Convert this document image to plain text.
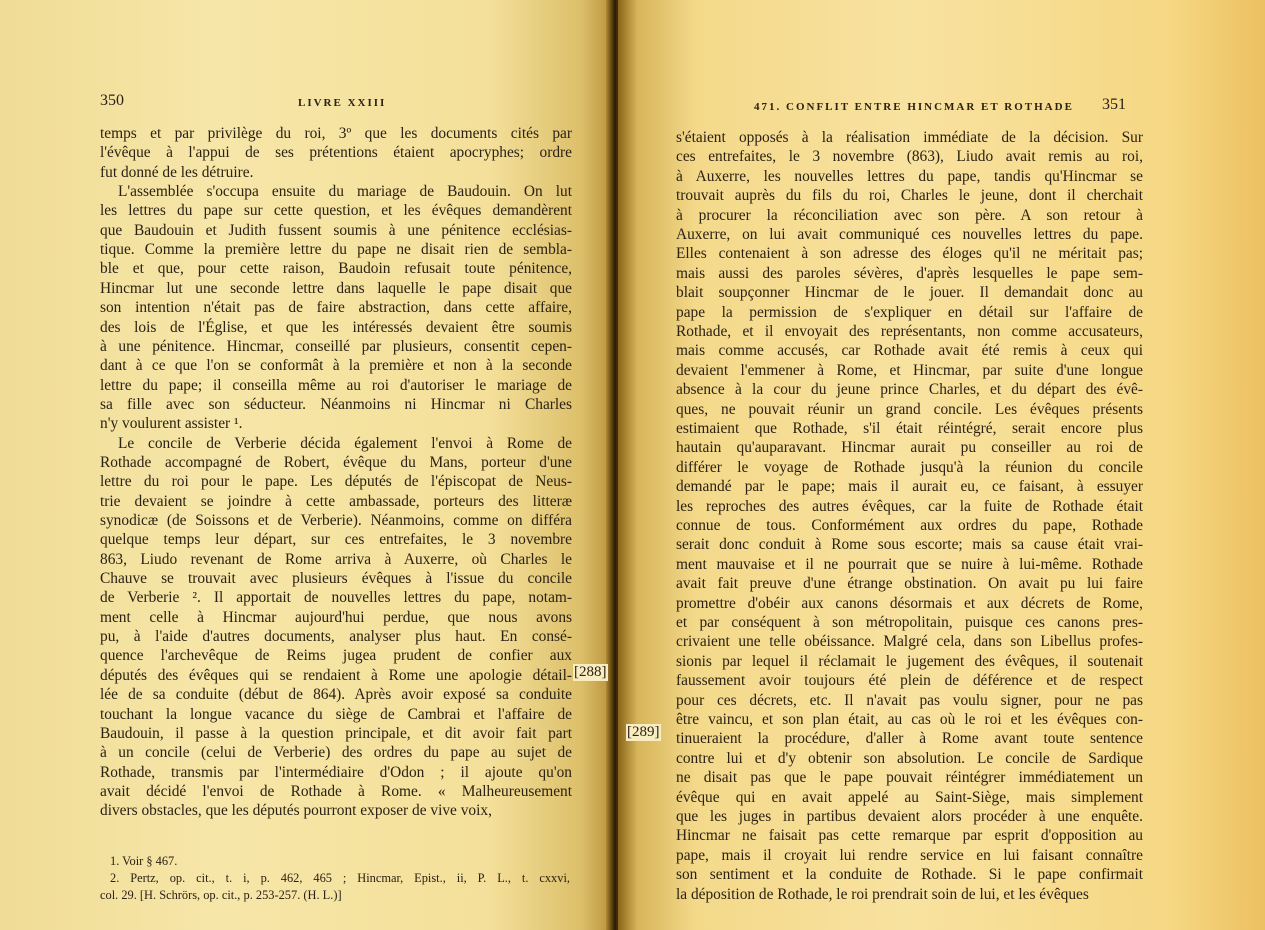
350	LIVRE XXIII
temps et par privilège du roi, 3º que les documents cités par
l'évêque à l'appui de ses prétentions étaient apocryphes; ordre
fut donné de les détruire.
L'assemblée s'occupa ensuite du mariage de Baudouin. On lut
les lettres du pape sur cette question, et les évêques demandèrent
que Baudouin et Judith fussent soumis à une pénitence ecclésias-
tique. Comme la première lettre du pape ne disait rien de sembla-
ble et que, pour cette raison, Baudoin refusait toute pénitence,
Hincmar lut une seconde lettre dans laquelle le pape disait que
son intention n'était pas de faire abstraction, dans cette affaire,
des lois de l'Église, et que les intéressés devaient être soumis
à une pénitence. Hincmar, conseillé par plusieurs, consentit cepen-
dant à ce que l'on se conformât à la première et non à la seconde
lettre du pape; il conseilla même au roi d'autoriser le mariage de
sa fille avec son séducteur. Néanmoins ni Hincmar ni Charles
n'y voulurent assister ¹.
Le concile de Verberie décida également l'envoi à Rome de
Rothade accompagné de Robert, évêque du Mans, porteur d'une
lettre du roi pour le pape. Les députés de l'épiscopat de Neus-
trie devaient se joindre à cette ambassade, porteurs des litteræ
synodicæ (de Soissons et de Verberie). Néanmoins, comme on différa
quelque temps leur départ, sur ces entrefaites, le 3 novembre
863, Liudo revenant de Rome arriva à Auxerre, où Charles le
Chauve se trouvait avec plusieurs évêques à l'issue du concile
de Verberie ². Il apportait de nouvelles lettres du pape, notam-
ment celle à Hincmar aujourd'hui perdue, que nous avons
pu, à l'aide d'autres documents, analyser plus haut. En consé-
quence l'archevêque de Reims jugea prudent de confier aux
députés des évêques qui se rendaient à Rome une apologie détail-
lée de sa conduite (début de 864). Après avoir exposé sa conduite
touchant la longue vacance du siège de Cambrai et l'affaire de
Baudouin, il passe à la question principale, et dit avoir fait part
à un concile (celui de Verberie) des ordres du pape au sujet de
Rothade, transmis par l'intermédiaire d'Odon ; il ajoute qu'on
avait décidé l'envoi de Rothade à Rome. « Malheureusement
divers obstacles, que les députés pourront exposer de vive voix,
1. Voir § 467.
2. Pertz, op. cit., t. i, p. 462, 465 ; Hincmar, Epist., ii, P. L., t. cxxvi,
col. 29. [H. Schrörs, op. cit., p. 253-257. (H. L.)]
471. CONFLIT ENTRE HINCMAR ET ROTHADE 351
s'étaient opposés à la réalisation immédiate de la décision. Sur
ces entrefaites, le 3 novembre (863), Liudo avait remis au roi,
à Auxerre, les nouvelles lettres du pape, tandis qu'Hincmar se
trouvait auprès du fils du roi, Charles le jeune, dont il cherchait
à procurer la réconciliation avec son père. A son retour à
Auxerre, on lui avait communiqué ces nouvelles lettres du pape.
Elles contenaient à son adresse des éloges qu'il ne méritait pas;
mais aussi des paroles sévères, d'après lesquelles le pape sem-
blait soupçonner Hincmar de le jouer. Il demandait donc au
pape la permission de s'expliquer en détail sur l'affaire de
Rothade, et il envoyait des représentants, non comme accusateurs,
mais comme accusés, car Rothade avait été remis à ceux qui
devaient l'emmener à Rome, et Hincmar, par suite d'une longue
absence à la cour du jeune prince Charles, et du départ des évê-
ques, ne pouvait réunir un grand concile. Les évêques présents
estimaient que Rothade, s'il était réintégré, serait encore plus
hautain qu'auparavant. Hincmar aurait pu conseiller au roi de
différer le voyage de Rothade jusqu'à la réunion du concile
demandé par le pape; mais il aurait eu, ce faisant, à essuyer
les reproches des autres évêques, car la fuite de Rothade était
connue de tous. Conformément aux ordres du pape, Rothade
serait donc conduit à Rome sous escorte; mais sa cause était vrai-
ment mauvaise et il ne pourrait que se nuire à lui-même. Rothade
avait fait preuve d'une étrange obstination. On avait pu lui faire
promettre d'obéir aux canons désormais et aux décrets de Rome,
et par conséquent à son métropolitain, puisque ces canons pres-
crivaient une telle obéissance. Malgré cela, dans son Libellus profes-
sionis par lequel il réclamait le jugement des évêques, il soutenait
faussement avoir toujours été plein de déférence et de respect
pour ces décrets, etc. Il n'avait pas voulu signer, pour ne pas
être vaincu, et son plan était, au cas où le roi et les évêques con-
tinueraient la procédure, d'aller à Rome avant toute sentence
contre lui et d'y obtenir son absolution. Le concile de Sardique
ne disait pas que le pape pouvait réintégrer immédiatement un
évêque qui en avait appelé au Saint-Siège, mais simplement
que les juges in partibus devaient alors procéder à une enquête.
Hincmar ne faisait pas cette remarque par esprit d'opposition au
pape, mais il croyait lui rendre service en lui faisant connaître
son sentiment et la conduite de Rothade. Si le pape confirmait
la déposition de Rothade, le roi prendrait soin de lui, et les évêques
[288]
[289]
